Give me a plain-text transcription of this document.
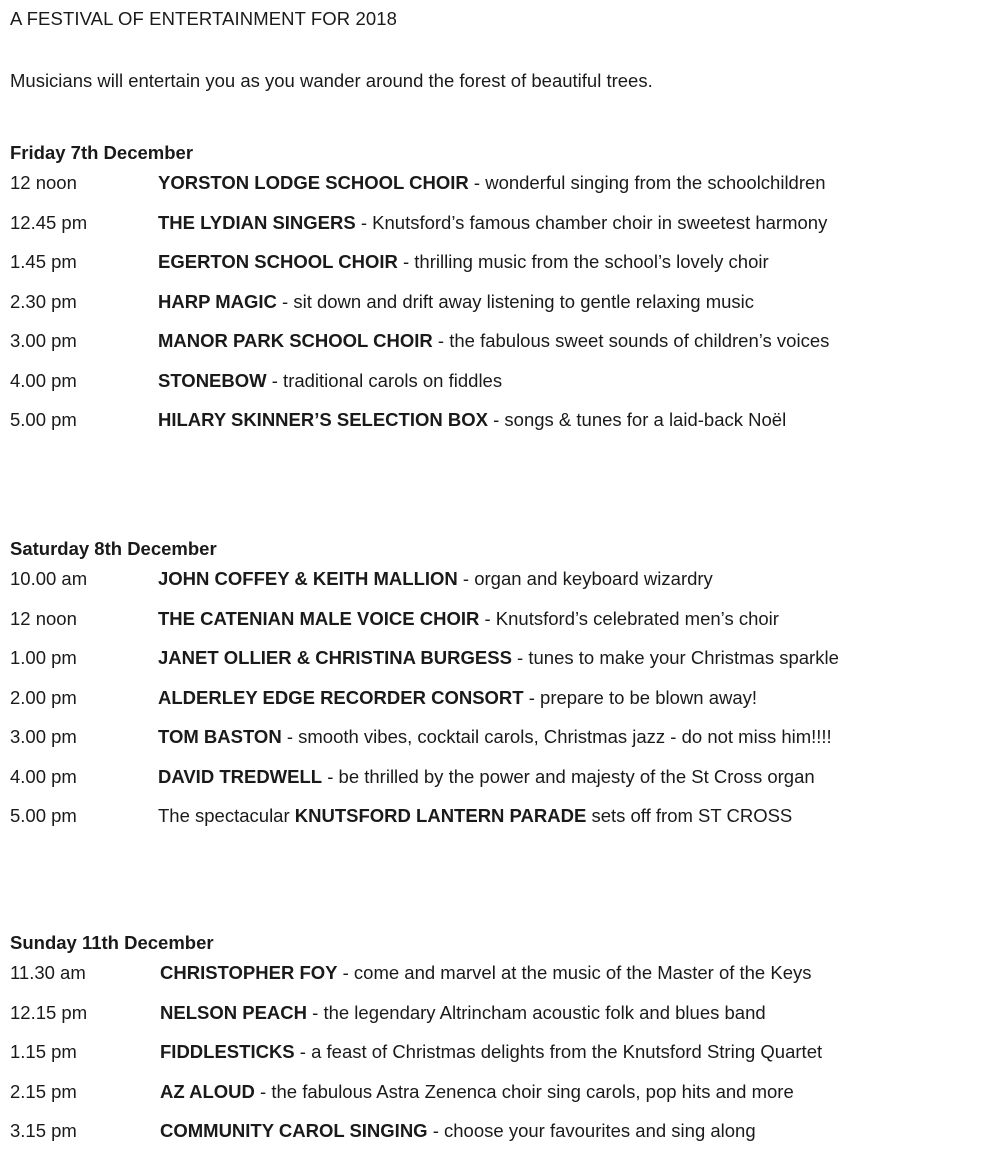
A FESTIVAL OF ENTERTAINMENT FOR 2018

Musicians will entertain you as you wander around the forest of beautiful trees.

Friday 7th December
12 noon	YORSTON LODGE SCHOOL CHOIR - wonderful singing from the schoolchildren
12.45 pm	THE LYDIAN SINGERS - Knutsford’s famous chamber choir in sweetest harmony
1.45 pm	EGERTON SCHOOL CHOIR - thrilling music from the school’s lovely choir
2.30 pm	HARP MAGIC - sit down and drift away listening to gentle relaxing music
3.00 pm	MANOR PARK SCHOOL CHOIR - the fabulous sweet sounds of children’s voices
4.00 pm	STONEBOW - traditional carols on fiddles
5.00 pm	HILARY SKINNER’S SELECTION BOX - songs & tunes for a laid-back Noël
Saturday 8th December
10.00 am	JOHN COFFEY & KEITH MALLION - organ and keyboard wizardry
12 noon	THE CATENIAN MALE VOICE CHOIR - Knutsford’s celebrated men’s choir
1.00 pm	JANET OLLIER & CHRISTINA BURGESS - tunes to make your Christmas sparkle
2.00 pm	ALDERLEY EDGE RECORDER CONSORT - prepare to be blown away!
3.00 pm	TOM BASTON - smooth vibes, cocktail carols, Christmas jazz - do not miss him!!!!
4.00 pm	DAVID TREDWELL - be thrilled by the power and majesty of the St Cross organ
5.00 pm	The spectacular KNUTSFORD LANTERN PARADE sets off from ST CROSS
Sunday 11th December
11.30 am	CHRISTOPHER FOY - come and marvel at the music of the Master of the Keys
12.15 pm	NELSON PEACH - the legendary Altrincham acoustic folk and blues band
1.15 pm	FIDDLESTICKS - a feast of Christmas delights from the Knutsford String Quartet
2.15 pm	AZ ALOUD - the fabulous Astra Zenenca choir sing carols, pop hits and more
3.15 pm	COMMUNITY CAROL SINGING - choose your favourites and sing along
